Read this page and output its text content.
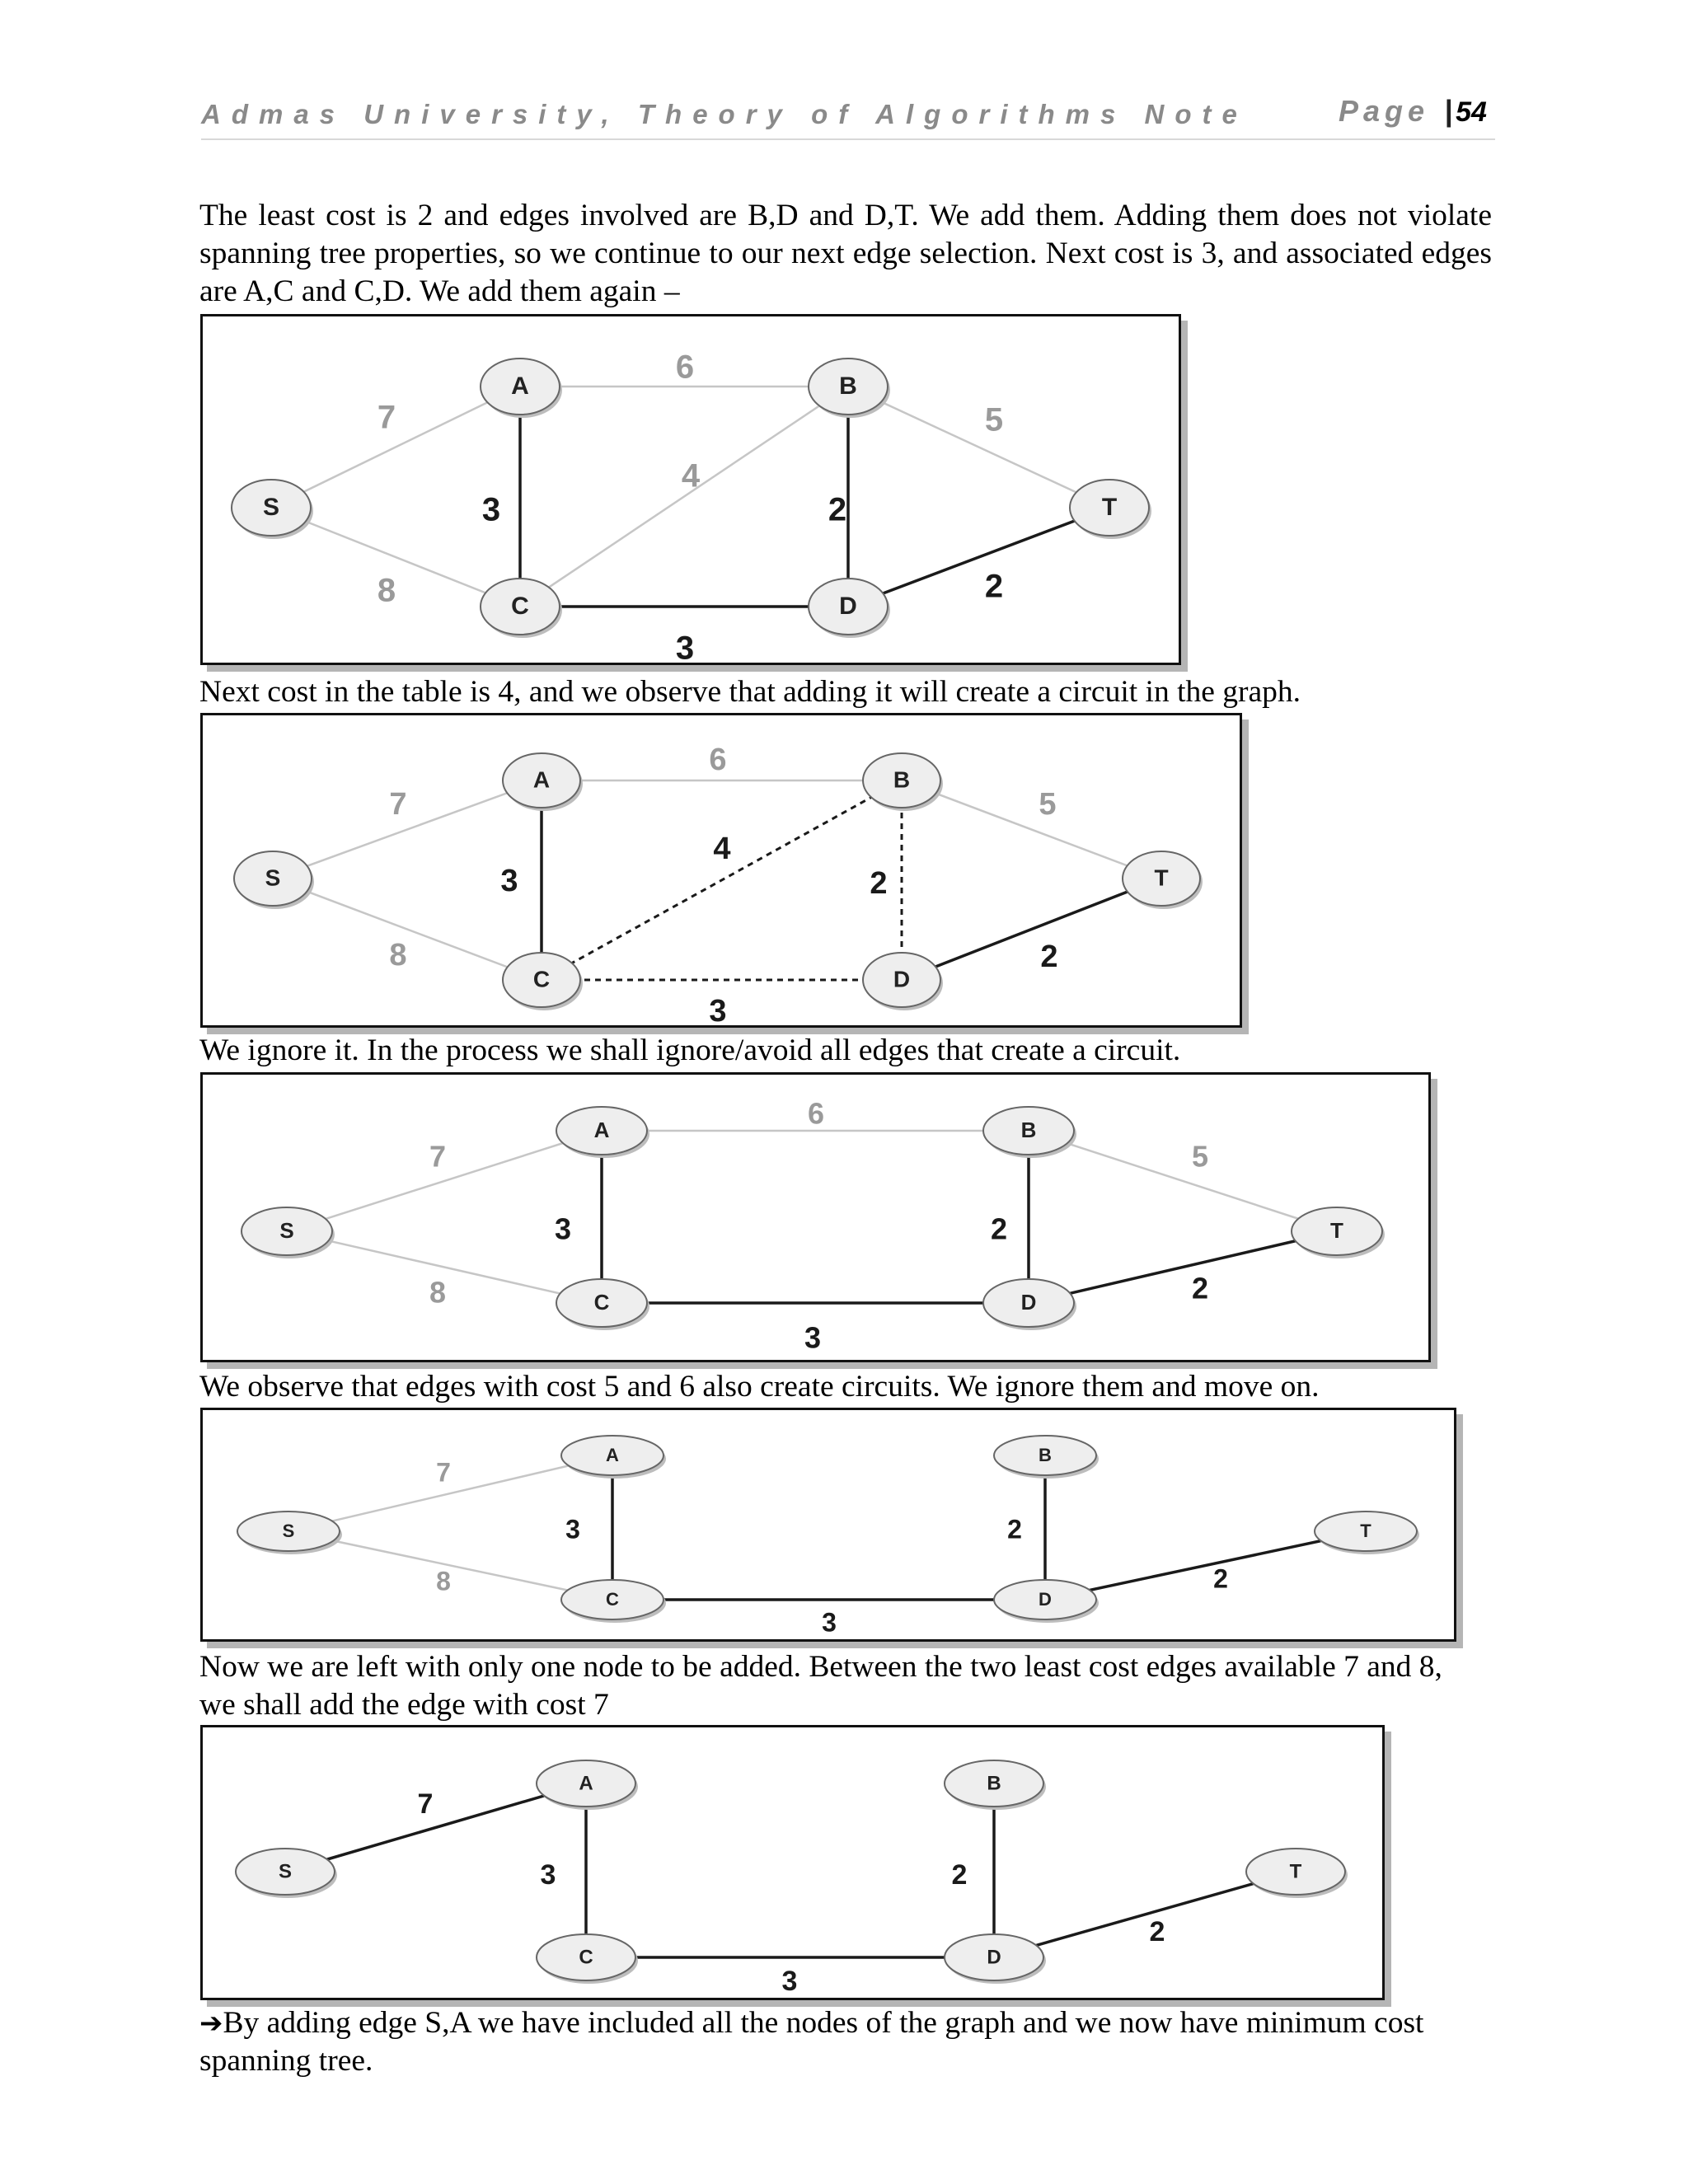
Admas University, Theory of Algorithms Note	Page | 54
The least cost is 2 and edges involved are B,D and D,T. We add them. Adding them does not violate spanning tree properties, so we continue to our next edge selection. Next cost is 3, and associated edges are A,C and C,D. We add them again –
7
8
6
3
4
2
5
3
2
S
A	B
C	D
T
Next cost in the table is 4, and we observe that adding it will create a circuit in the graph.
7
8
6
3
4
2
5
3
2
S
A	B
C	D
T
We ignore it. In the process we shall ignore/avoid all edges that create a circuit.
7
8
6
3	2
5
3
2
S
A	B
C	D
T
We observe that edges with cost 5 and 6 also create circuits. We ignore them and move on.
7
8
3	2
3
2
S
A	B
C	D
T
Now we are left with only one node to be added. Between the two least cost edges available 7 and 8, we shall add the edge with cost 7
7
3	2
3
2
S
A	B
C	D
T
➔By adding edge S,A we have included all the nodes of the graph and we now have minimum cost spanning tree.
